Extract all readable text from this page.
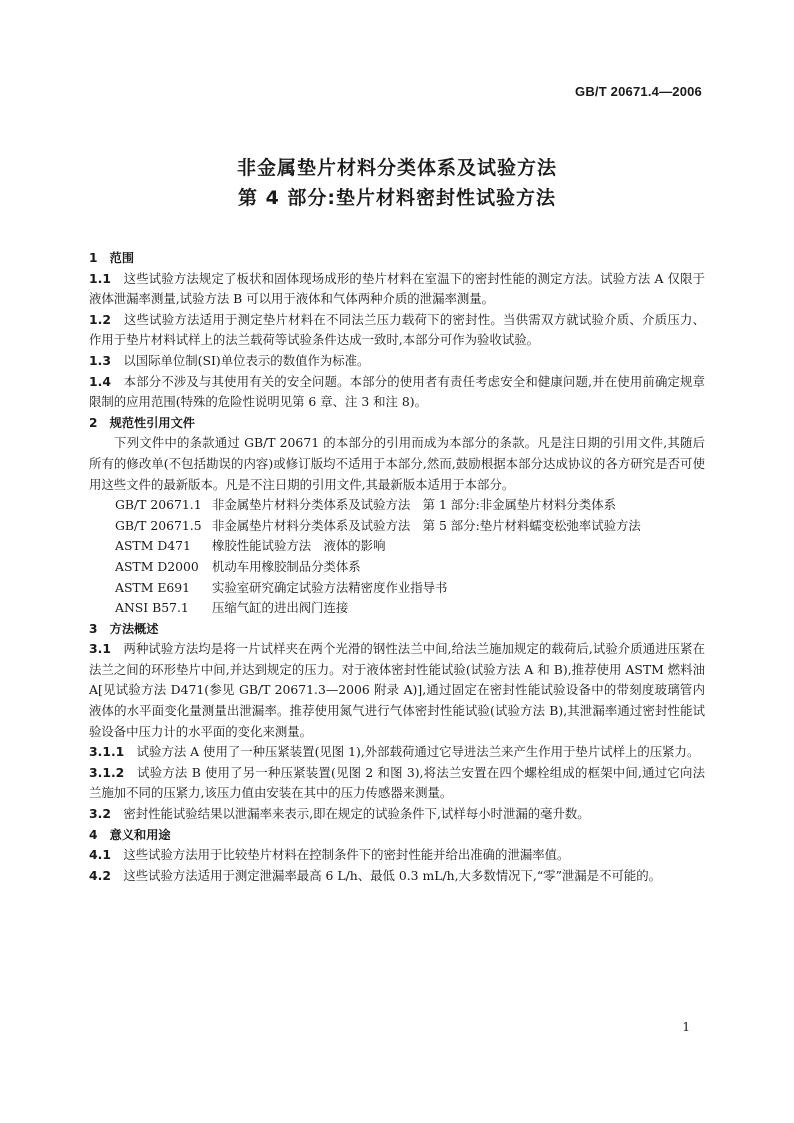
GB/T 20671.4—2006
非金属垫片材料分类体系及试验方法
第 4 部分:垫片材料密封性试验方法

1　范围

1.1　 这些试验方法规定了板状和固体现场成形的垫片材料在室温下的密封性能的测定方法。试验方法 A 仅限于液体泄漏率测量,试验方法 B 可以用于液体和气体两种介质的泄漏率测量。

1.2　 这些试验方法适用于测定垫片材料在不同法兰压力载荷下的密封性。当供需双方就试验介质、介质压力、作用于垫片材料试样上的法兰载荷等试验条件达成一致时,本部分可作为验收试验。

1.3　 以国际单位制(SI)单位表示的数值作为标准。

1.4　 本部分不涉及与其使用有关的安全问题。本部分的使用者有责任考虑安全和健康问题,并在使用前确定规章限制的应用范围(特殊的危险性说明见第 6 章、注 3 和注 8)。

2　规范性引用文件

下列文件中的条款通过 GB/T 20671 的本部分的引用而成为本部分的条款。凡是注日期的引用文件,其随后所有的修改单(不包括勘误的内容)或修订版均不适用于本部分,然而,鼓励根据本部分达成协议的各方研究是否可使用这些文件的最新版本。凡是不注日期的引用文件,其最新版本适用于本部分。

GB/T 20671.1 非金属垫片材料分类体系及试验方法　第 1 部分:非金属垫片材料分类体系

GB/T 20671.5 非金属垫片材料分类体系及试验方法　第 5 部分:垫片材料蠕变松弛率试验方法

ASTM D471 橡胶性能试验方法　液体的影响

ASTM D2000 机动车用橡胶制品分类体系

ASTM E691 实验室研究确定试验方法精密度作业指导书

ANSI B57.1 压缩气缸的进出阀门连接

3　方法概述

3.1　 两种试验方法均是将一片试样夹在两个光滑的钢性法兰中间,给法兰施加规定的载荷后,试验介质通进压紧在法兰之间的环形垫片中间,并达到规定的压力。对于液体密封性能试验(试验方法 A 和 B),推荐使用 ASTM 燃料油 A[见试验方法 D471(参见 GB/T 20671.3—2006 附录 A)],通过固定在密封性能试验设备中的带刻度玻璃管内液体的水平面变化量测量出泄漏率。推荐使用氮气进行气体密封性能试验(试验方法 B),其泄漏率通过密封性能试验设备中压力计的水平面的变化来测量。

3.1.1　 试验方法 A 使用了一种压紧装置(见图 1),外部载荷通过它导进法兰来产生作用于垫片试样上的压紧力。

3.1.2　 试验方法 B 使用了另一种压紧装置(见图 2 和图 3),将法兰安置在四个螺栓组成的框架中间,通过它向法兰施加不同的压紧力,该压力值由安装在其中的压力传感器来测量。

3.2　 密封性能试验结果以泄漏率来表示,即在规定的试验条件下,试样每小时泄漏的毫升数。

4　意义和用途

4.1　 这些试验方法用于比较垫片材料在控制条件下的密封性能并给出准确的泄漏率值。

4.2　 这些试验方法适用于测定泄漏率最高 6 L/h、最低 0.3 mL/h,大多数情况下,“零”泄漏是不可能的。

1
